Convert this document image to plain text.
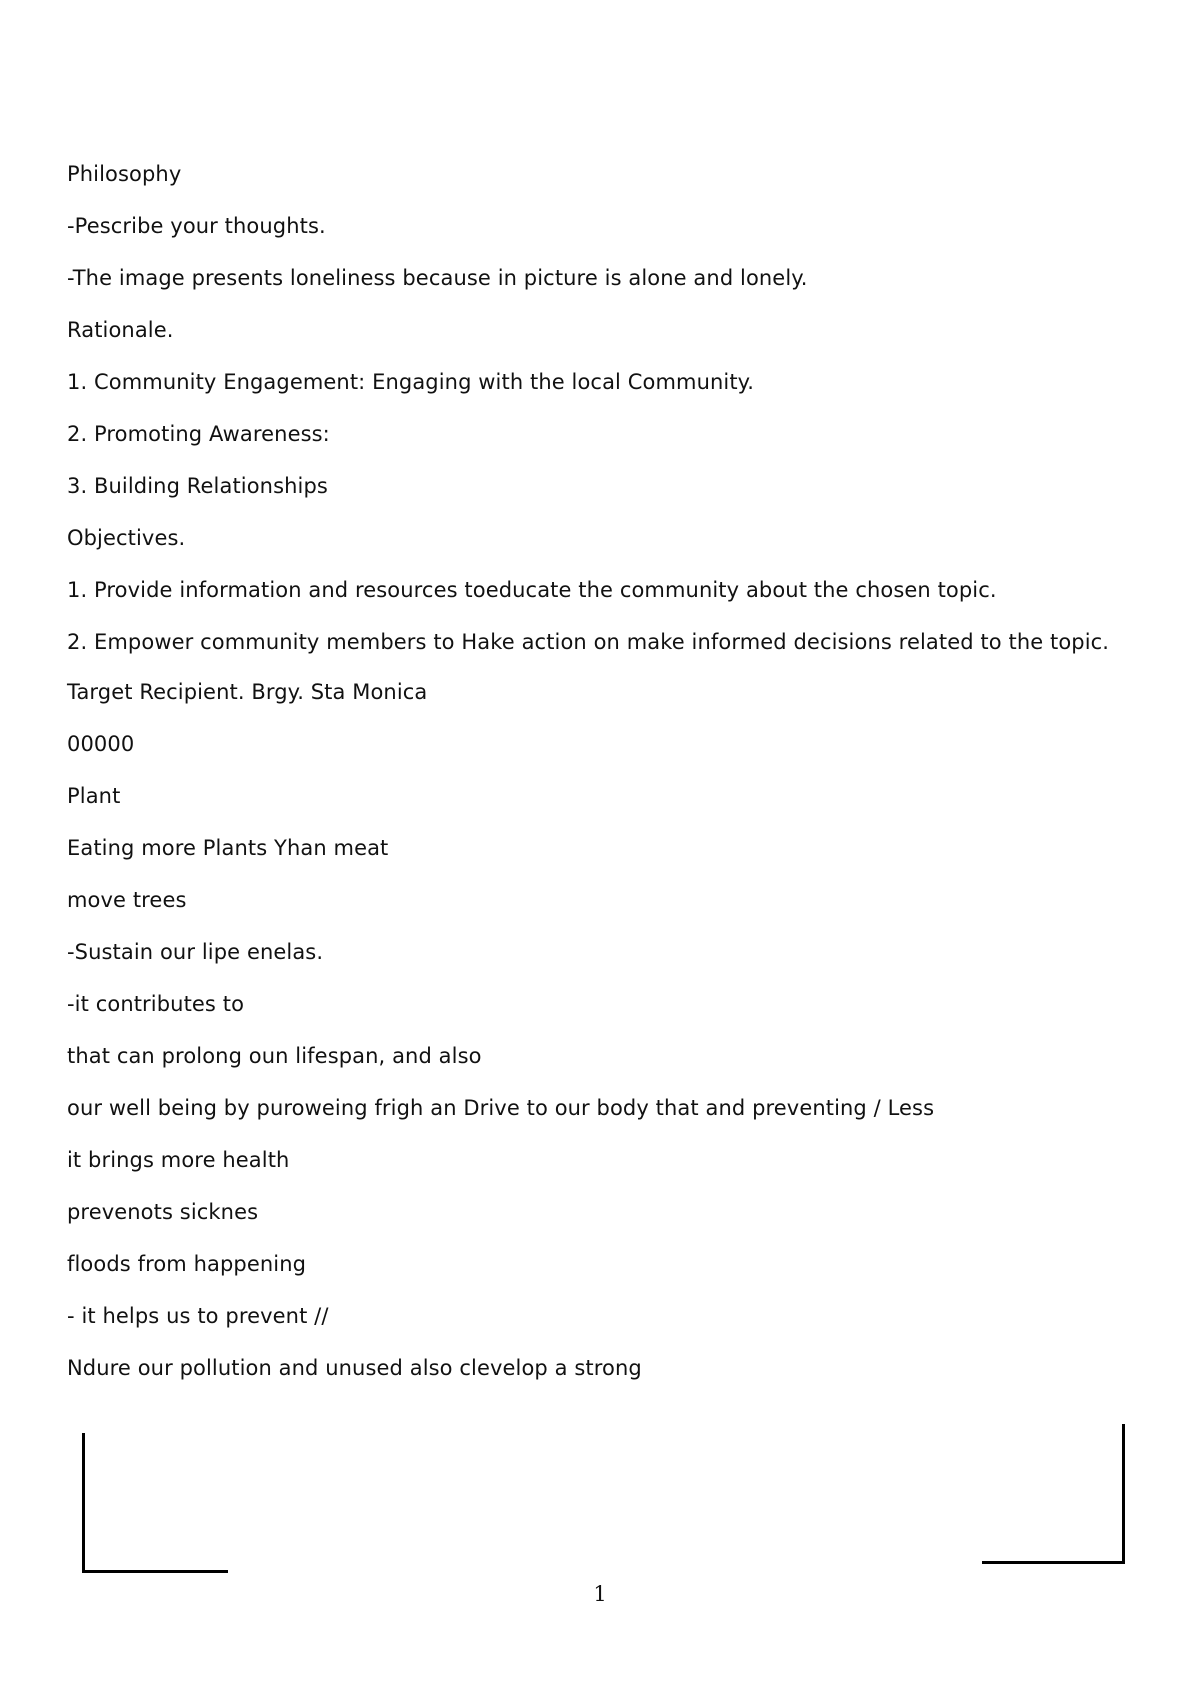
Philosophy

-Pescribe your thoughts.

-The image presents loneliness because in picture is alone and lonely.

Rationale.

1. Community Engagement: Engaging with the local Community.

2. Promoting Awareness:

3. Building Relationships

Objectives.

1. Provide information and resources toeducate the community about the chosen topic.

2. Empower community members to Hake action on make informed decisions related to the topic.

Target Recipient. Brgy. Sta Monica

00000

Plant

Eating more Plants Yhan meat

move trees

-Sustain our lipe enelas.

-it contributes to

that can prolong oun lifespan, and also

our well being by puroweing frigh an Drive to our body that and preventing / Less

it brings more health

prevenots sicknes

floods from happening

- it helps us to prevent //

Ndure our pollution and unused also clevelop a strong

1
